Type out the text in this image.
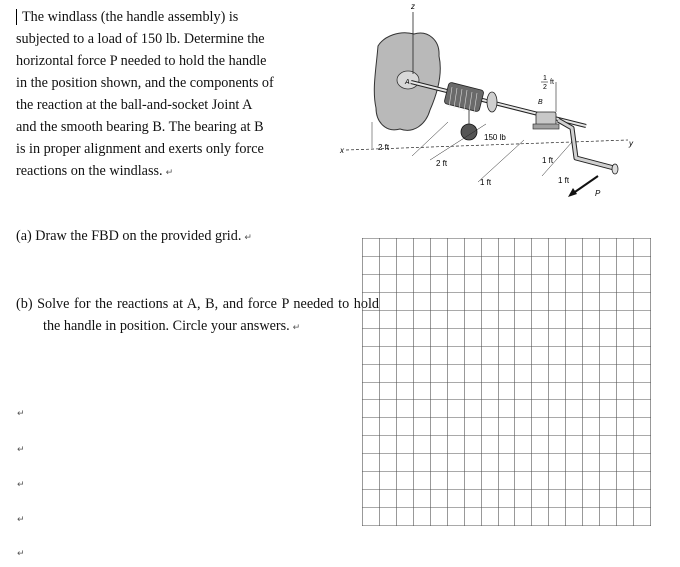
The windlass (the handle assembly) is
subjected to a load of 150 lb. Determine the
horizontal force P needed to hold the handle
in the position shown, and the components of
the reaction at the ball-and-socket Joint A
and the smooth bearing B. The bearing at B
is in proper alignment and exerts only force
reactions on the windlass. ↵
(a) Draw the FBD on the provided grid. ↵
(b) Solve for the reactions at A, B, and force P needed to hold the handle in position. Circle your answers. ↵
↵
↵
↵
↵
↵
z
x
y
150 lb
B
1
2
ft
P
A
2 ft
2 ft
1 ft
1 ft
1 ft
